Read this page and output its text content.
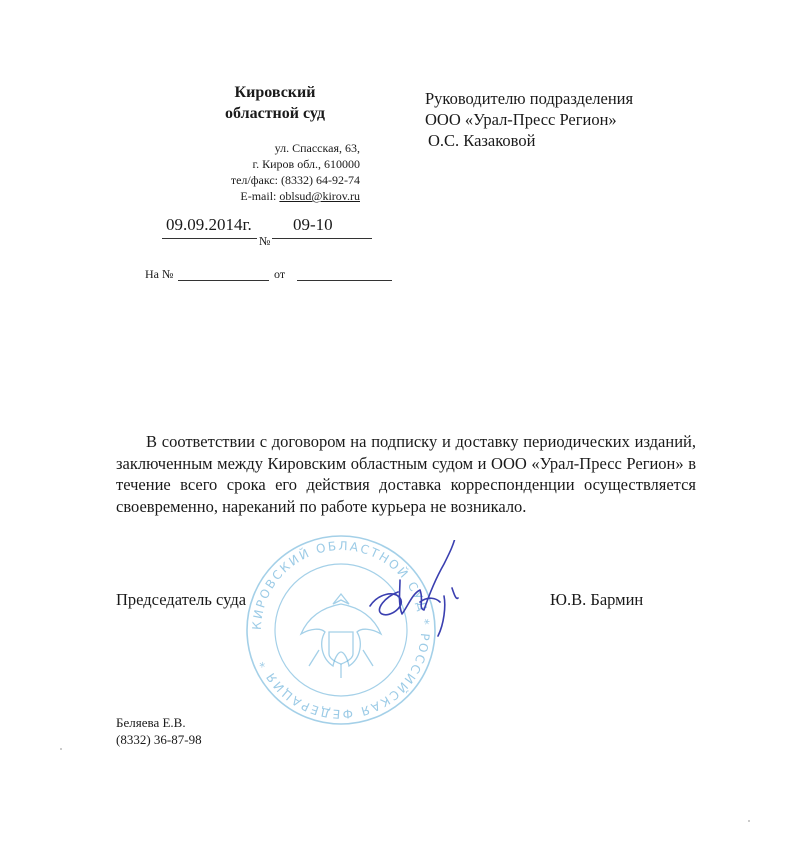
Кировский
областной суд
ул. Спасская, 63,
г. Киров обл., 610000
тел/факс: (8332) 64-92-74
E-mail: oblsud@kirov.ru
09.09.2014г. 09-10
№
На №	от
Руководителю подразделения
ООО «Урал-Пресс Регион»
О.С. Казаковой

В соответствии с договором на подписку и доставку периодических изданий, заключенным между Кировским областным судом и ООО «Урал-Пресс Регион» в течение всего срока его действия доставка корреспонденции осуществляется своевременно, нареканий по работе курьера не возникало.

КИРОВСКИЙ ОБЛАСТНОЙ СУД * РОССИЙСКАЯ ФЕДЕРАЦИЯ *
Председатель суда	Ю.В. Бармин
Беляева Е.В.
(8332) 36-87-98
